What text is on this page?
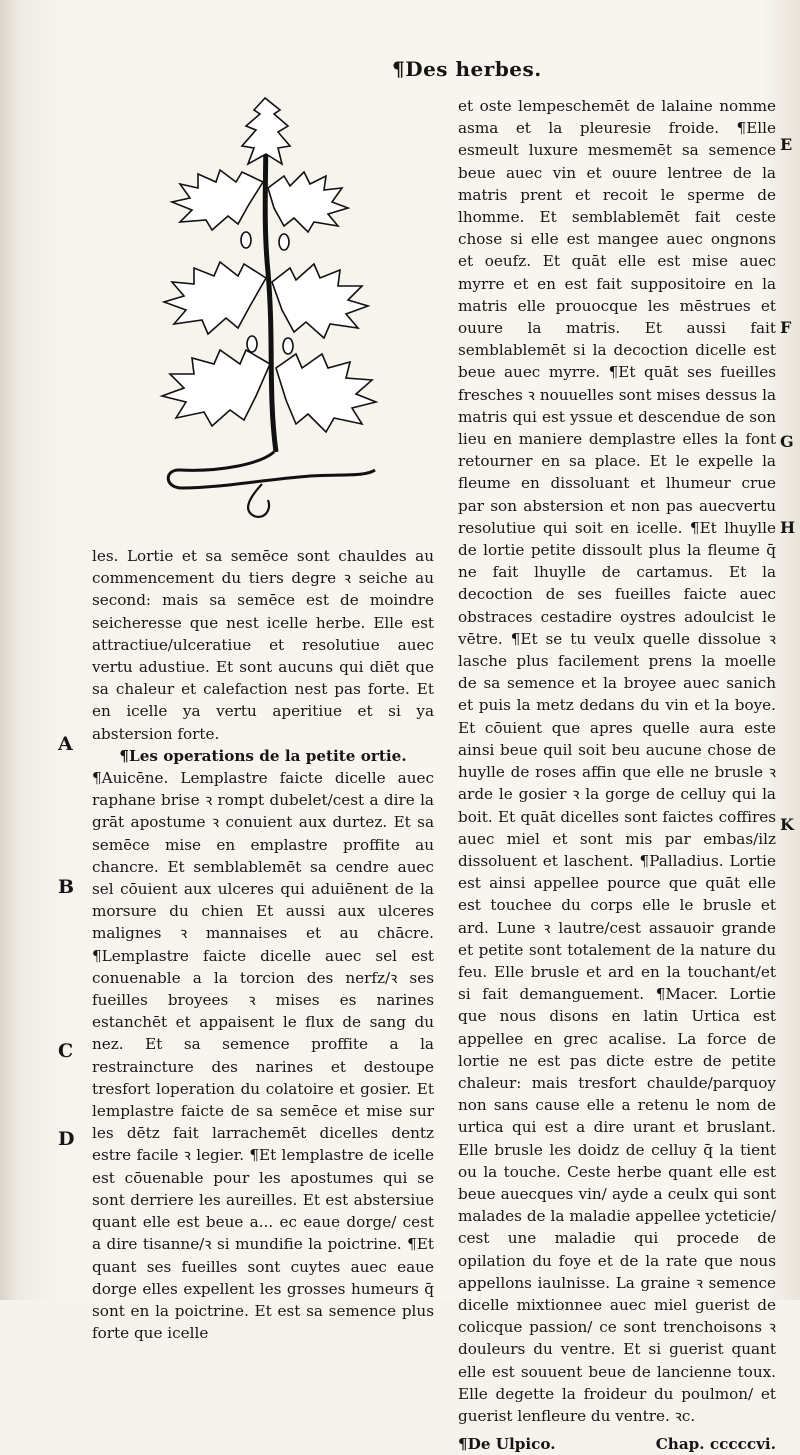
¶Des herbes.
A
B
C
D
E
F
G
H
K

les. Lortie et sa semēce sont chauldes au commencement du tiers degre ꝛ seiche au second: mais sa semēce est de moindre seicheresse que nest icelle herbe. Elle est attractiue/ulceratiue et resolutiue auec vertu adustiue. Et sont aucuns qui diēt que sa chaleur et calefaction nest pas forte. Et en icelle ya vertu aperitiue et si ya abstersion forte.

¶Les operations de la petite ortie.

¶Auicēne. Lemplastre faicte dicelle auec raphane brise ꝛ rompt dubelet/cest a dire la grāt apostume ꝛ conuient aux durtez. Et sa semēce mise en emplastre proffite au chancre. Et semblablemēt sa cendre auec sel cōuient aux ulceres qui aduiēnent de la morsure du chien Et aussi aux ulceres malignes ꝛ mannaises et au chācre. ¶Lemplastre faicte dicelle auec sel est conuenable a la torcion des nerfz/ꝛ ses fueilles broyees ꝛ mises es narines estanchēt et appaisent le flux de sang du nez. Et sa semence proffite a la restraincture des narines et destoupe tresfort loperation du colatoire et gosier. Et lemplastre faicte de sa semēce et mise sur les dētz fait larrachemēt dicelles dentz estre facile ꝛ legier. ¶Et lemplastre de icelle est cōuenable pour les apostumes qui se sont derriere les aureilles. Et est abstersiue quant elle est beue a... ec eaue dorge/ cest a dire tisanne/ꝛ si mundifie la poictrine. ¶Et quant ses fueilles sont cuytes auec eaue dorge elles expellent les grosses humeurs q̄ sont en la poictrine. Et est sa semence plus forte que icelle

et oste lempeschemēt de lalaine nomme asma et la pleuresie froide. ¶Elle esmeult luxure mesmemēt sa semence beue auec vin et ouure lentree de la matris prent et recoit le sperme de lhomme. Et semblablemēt fait ceste chose si elle est mangee auec ongnons et oeufz. Et quāt elle est mise auec myrre et en est fait suppositoire en la matris elle prouocque les mēstrues et ouure la matris. Et aussi fait semblablemēt si la decoction dicelle est beue auec myrre. ¶Et quāt ses fueilles fresches ꝛ nouuelles sont mises dessus la matris qui est yssue et descendue de son lieu en maniere demplastre elles la font retourner en sa place. Et le expelle la fleume en dissoluant et lhumeur crue par son abstersion et non pas auecvertu resolutiue qui soit en icelle. ¶Et lhuylle de lortie petite dissoult plus la fleume q̄ ne fait lhuylle de cartamus. Et la decoction de ses fueilles faicte auec obstraces cestadire oystres adoulcist le vētre. ¶Et se tu veulx quelle dissolue ꝛ lasche plus facilement prens la moelle de sa semence et la broyee auec sanich et puis la metz dedans du vin et la boye. Et cōuient que apres quelle aura este ainsi beue quil soit beu aucune chose de huylle de roses affin que elle ne brusle ꝛ arde le gosier ꝛ la gorge de celluy qui la boit. Et quāt dicelles sont faictes coffires auec miel et sont mis par embas/ilz dissoluent et laschent. ¶Palladius. Lortie est ainsi appellee pource que quāt elle est touchee du corps elle le brusle et ard. Lune ꝛ lautre/cest assauoir grande et petite sont totalement de la nature du feu. Elle brusle et ard en la touchant/et si fait demanguement. ¶Macer. Lortie que nous disons en latin Urtica est appellee en grec acalise. La force de lortie ne est pas dicte estre de petite chaleur: mais tresfort chaulde/parquoy non sans cause elle a retenu le nom de urtica qui est a dire urant et bruslant. Elle brusle les doidz de celluy q̄ la tient ou la touche. Ceste herbe quant elle est beue auecques vin/ ayde a ceulx qui sont malades de la maladie appellee ycteticie/ cest une maladie qui procede de opilation du foye et de la rate que nous appellons iaulnisse. La graine ꝛ semence dicelle mixtionnee auec miel guerist de colicque passion/ ce sont trenchoisons ꝛ douleurs du ventre. Et si guerist quant elle est souuent beue de lancienne toux. Elle degette la froideur du poulmon/ et guerist lenfleure du ventre. ꝛc.

¶De Ulpico.	Chap. cccccvi.
